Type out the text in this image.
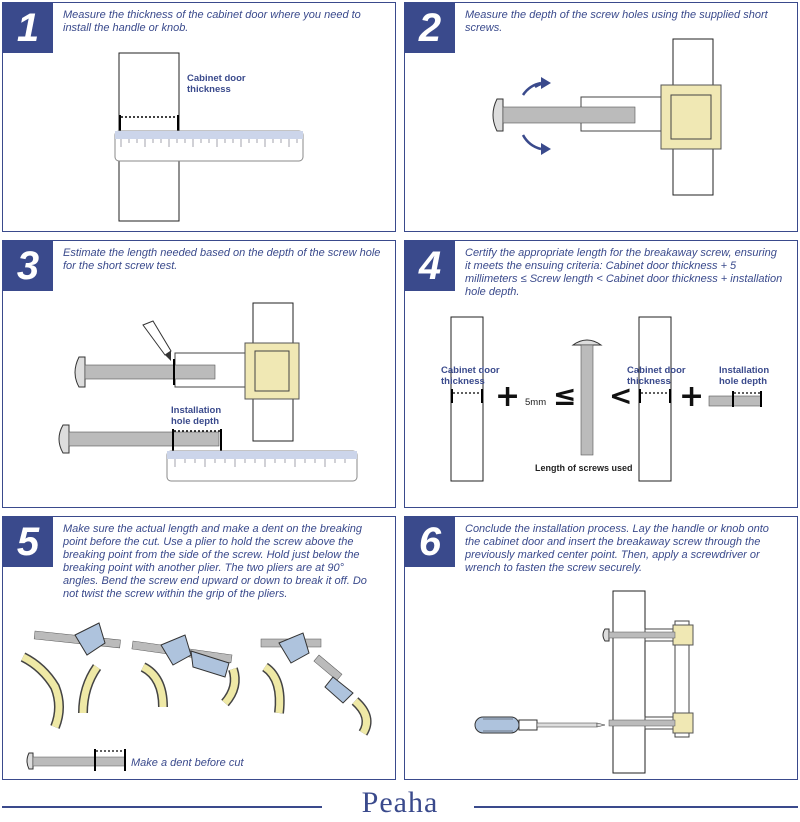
1	Measure the thickness of the cabinet door where you need to install the handle or knob.
Cabinet door
thickness
2	Measure the depth of the screw holes using the supplied short screws.
3	Estimate the length needed based on the depth of the screw hole for the short screw test.
Installation
hole depth
4	Certify the appropriate length for the breakaway screw, ensuring it meets the ensuing criteria: Cabinet door thickness + 5 millimeters ≤ Screw length < Cabinet door thickness + installation hole depth.
Cabinet door
thickness
Cabinet door
thickness
Installation
hole depth
+ 5mm ≤ < +
Length of screws used
5	Make sure the actual length and make a dent on the breaking point before the cut. Use a plier to hold the screw above the breaking point from the side of the screw. Hold just below the breaking point with another plier. The two pliers are at 90° angles. Bend the screw end upward or down to break it off. Do not twist the screw within the grip of the pliers.
Make a dent before cut
6	Conclude the installation process. Lay the handle or knob onto the cabinet door and insert the breakaway screw through the previously marked center point. Then, apply a screwdriver or wrench to fasten the screw securely.
Peaha
